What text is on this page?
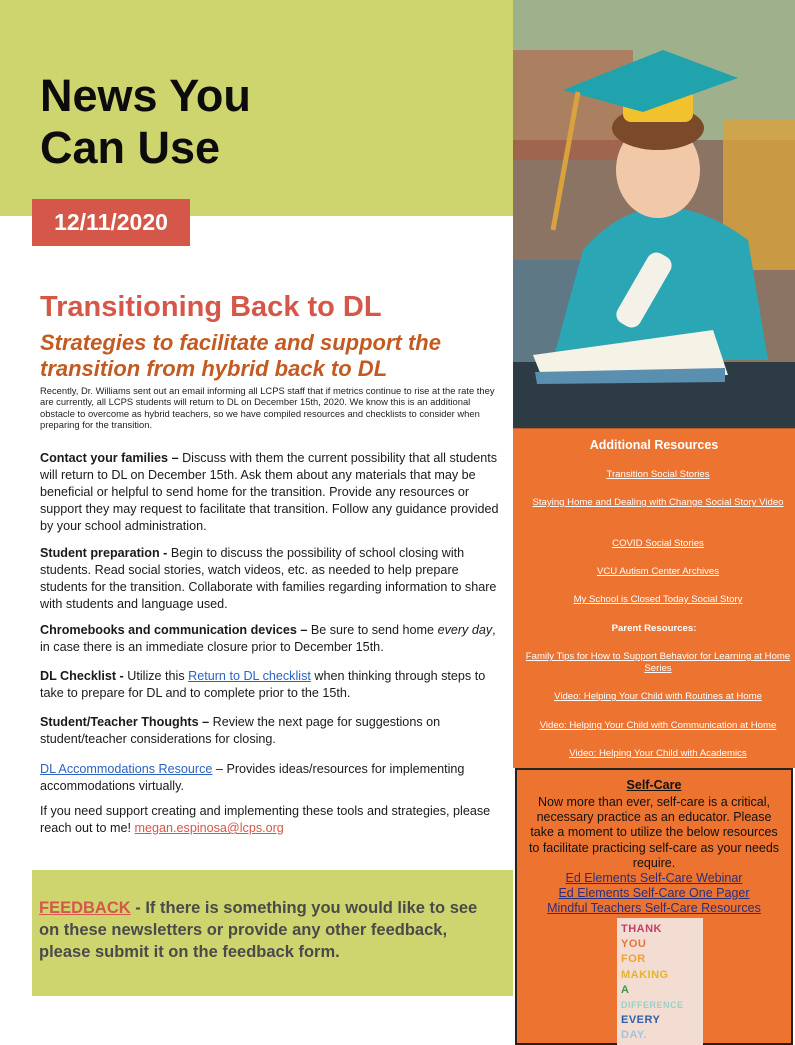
News You
Can Use
12/11/2020
Transitioning Back to DL
Strategies to facilitate and support the transition from hybrid back to DL
Recently, Dr. Williams sent out an email informing all LCPS staff that if metrics continue to rise at the rate they are currently, all LCPS students will return to DL on December 15th, 2020. We know this is an additional obstacle to overcome as hybrid teachers, so we have compiled resources and checklists to consider when preparing for the transition.
Contact your families – Discuss with them the current possibility that all students will return to DL on December 15th. Ask them about any materials that may be beneficial or helpful to send home for the transition. Provide any resources or support they may request to facilitate that transition. Follow any guidance provided by your school administration.
Student preparation - Begin to discuss the possibility of school closing with students. Read social stories, watch videos, etc. as needed to help prepare students for the transition. Collaborate with families regarding information to share with students and language used.
Chromebooks and communication devices – Be sure to send home every day, in case there is an immediate closure prior to December 15th.
DL Checklist - Utilize this Return to DL checklist when thinking through steps to take to prepare for DL and to complete prior to the 15th.
Student/Teacher Thoughts – Review the next page for suggestions on student/teacher considerations for closing.
DL Accommodations Resource – Provides ideas/resources for implementing accommodations virtually.
If you need support creating and implementing these tools and strategies, please reach out to me! megan.espinosa@lcps.org
FEEDBACK - If there is something you would like to see on these newsletters or provide any other feedback, please submit it on the feedback form.
Additional Resources
Transition Social Stories
Staying Home and Dealing with Change Social Story Video
COVID Social Stories
VCU Autism Center Archives
My School is Closed Today Social Story
Parent Resources:
Family Tips for How to Support Behavior for Learning at Home Series
Video: Helping Your Child with Routines at Home
Video: Helping Your Child with Communication at Home
Video: Helping Your Child with Academics
Self-Care
Now more than ever, self-care is a critical, necessary practice as an educator. Please take a moment to utilize the below resources to facilitate practicing self-care as your needs require.
Ed Elements Self-Care Webinar
Ed Elements Self-Care One Pager
Mindful Teachers Self-Care Resources
THANK
YOU
FOR
MAKING
A
DIFFERENCE
EVERY
DAY.
